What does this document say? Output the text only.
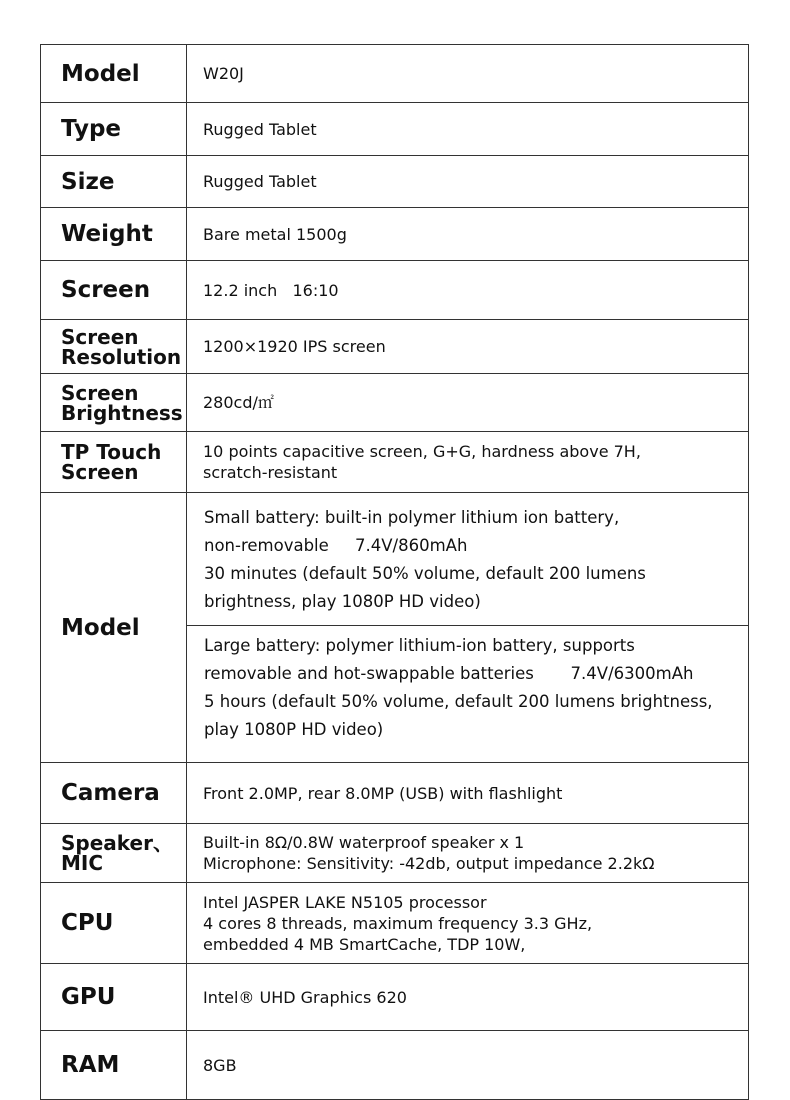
Model	W20J
Type	Rugged Tablet
Size	Rugged Tablet
Weight	Bare metal 1500g
Screen	12.2 inch   16:10

Screen
Resolution	1200×1920 IPS screen

Screen
Brightness	280cd/㎡

TP Touch
Screen	10 points capacitive screen, G+G, hardness above 7H,
scratch-resistant

Model	Small battery: built-in polymer lithium ion battery,
non-removable     7.4V/860mAh
30 minutes (default 50% volume, default 200 lumens
brightness, play 1080P HD video)

	Large battery: polymer lithium-ion battery, supports
removable and hot-swappable batteries       7.4V/6300mAh
5 hours (default 50% volume, default 200 lumens brightness,
play 1080P HD video)

Camera	Front 2.0MP, rear 8.0MP (USB) with flashlight

Speaker、
MIC	Built-in 8Ω/0.8W waterproof speaker x 1
Microphone: Sensitivity: -42db, output impedance 2.2kΩ

CPU	Intel JASPER LAKE N5105 processor
4 cores 8 threads, maximum frequency 3.3 GHz,
embedded 4 MB SmartCache, TDP 10W,

GPU	Intel® UHD Graphics 620
RAM	8GB
